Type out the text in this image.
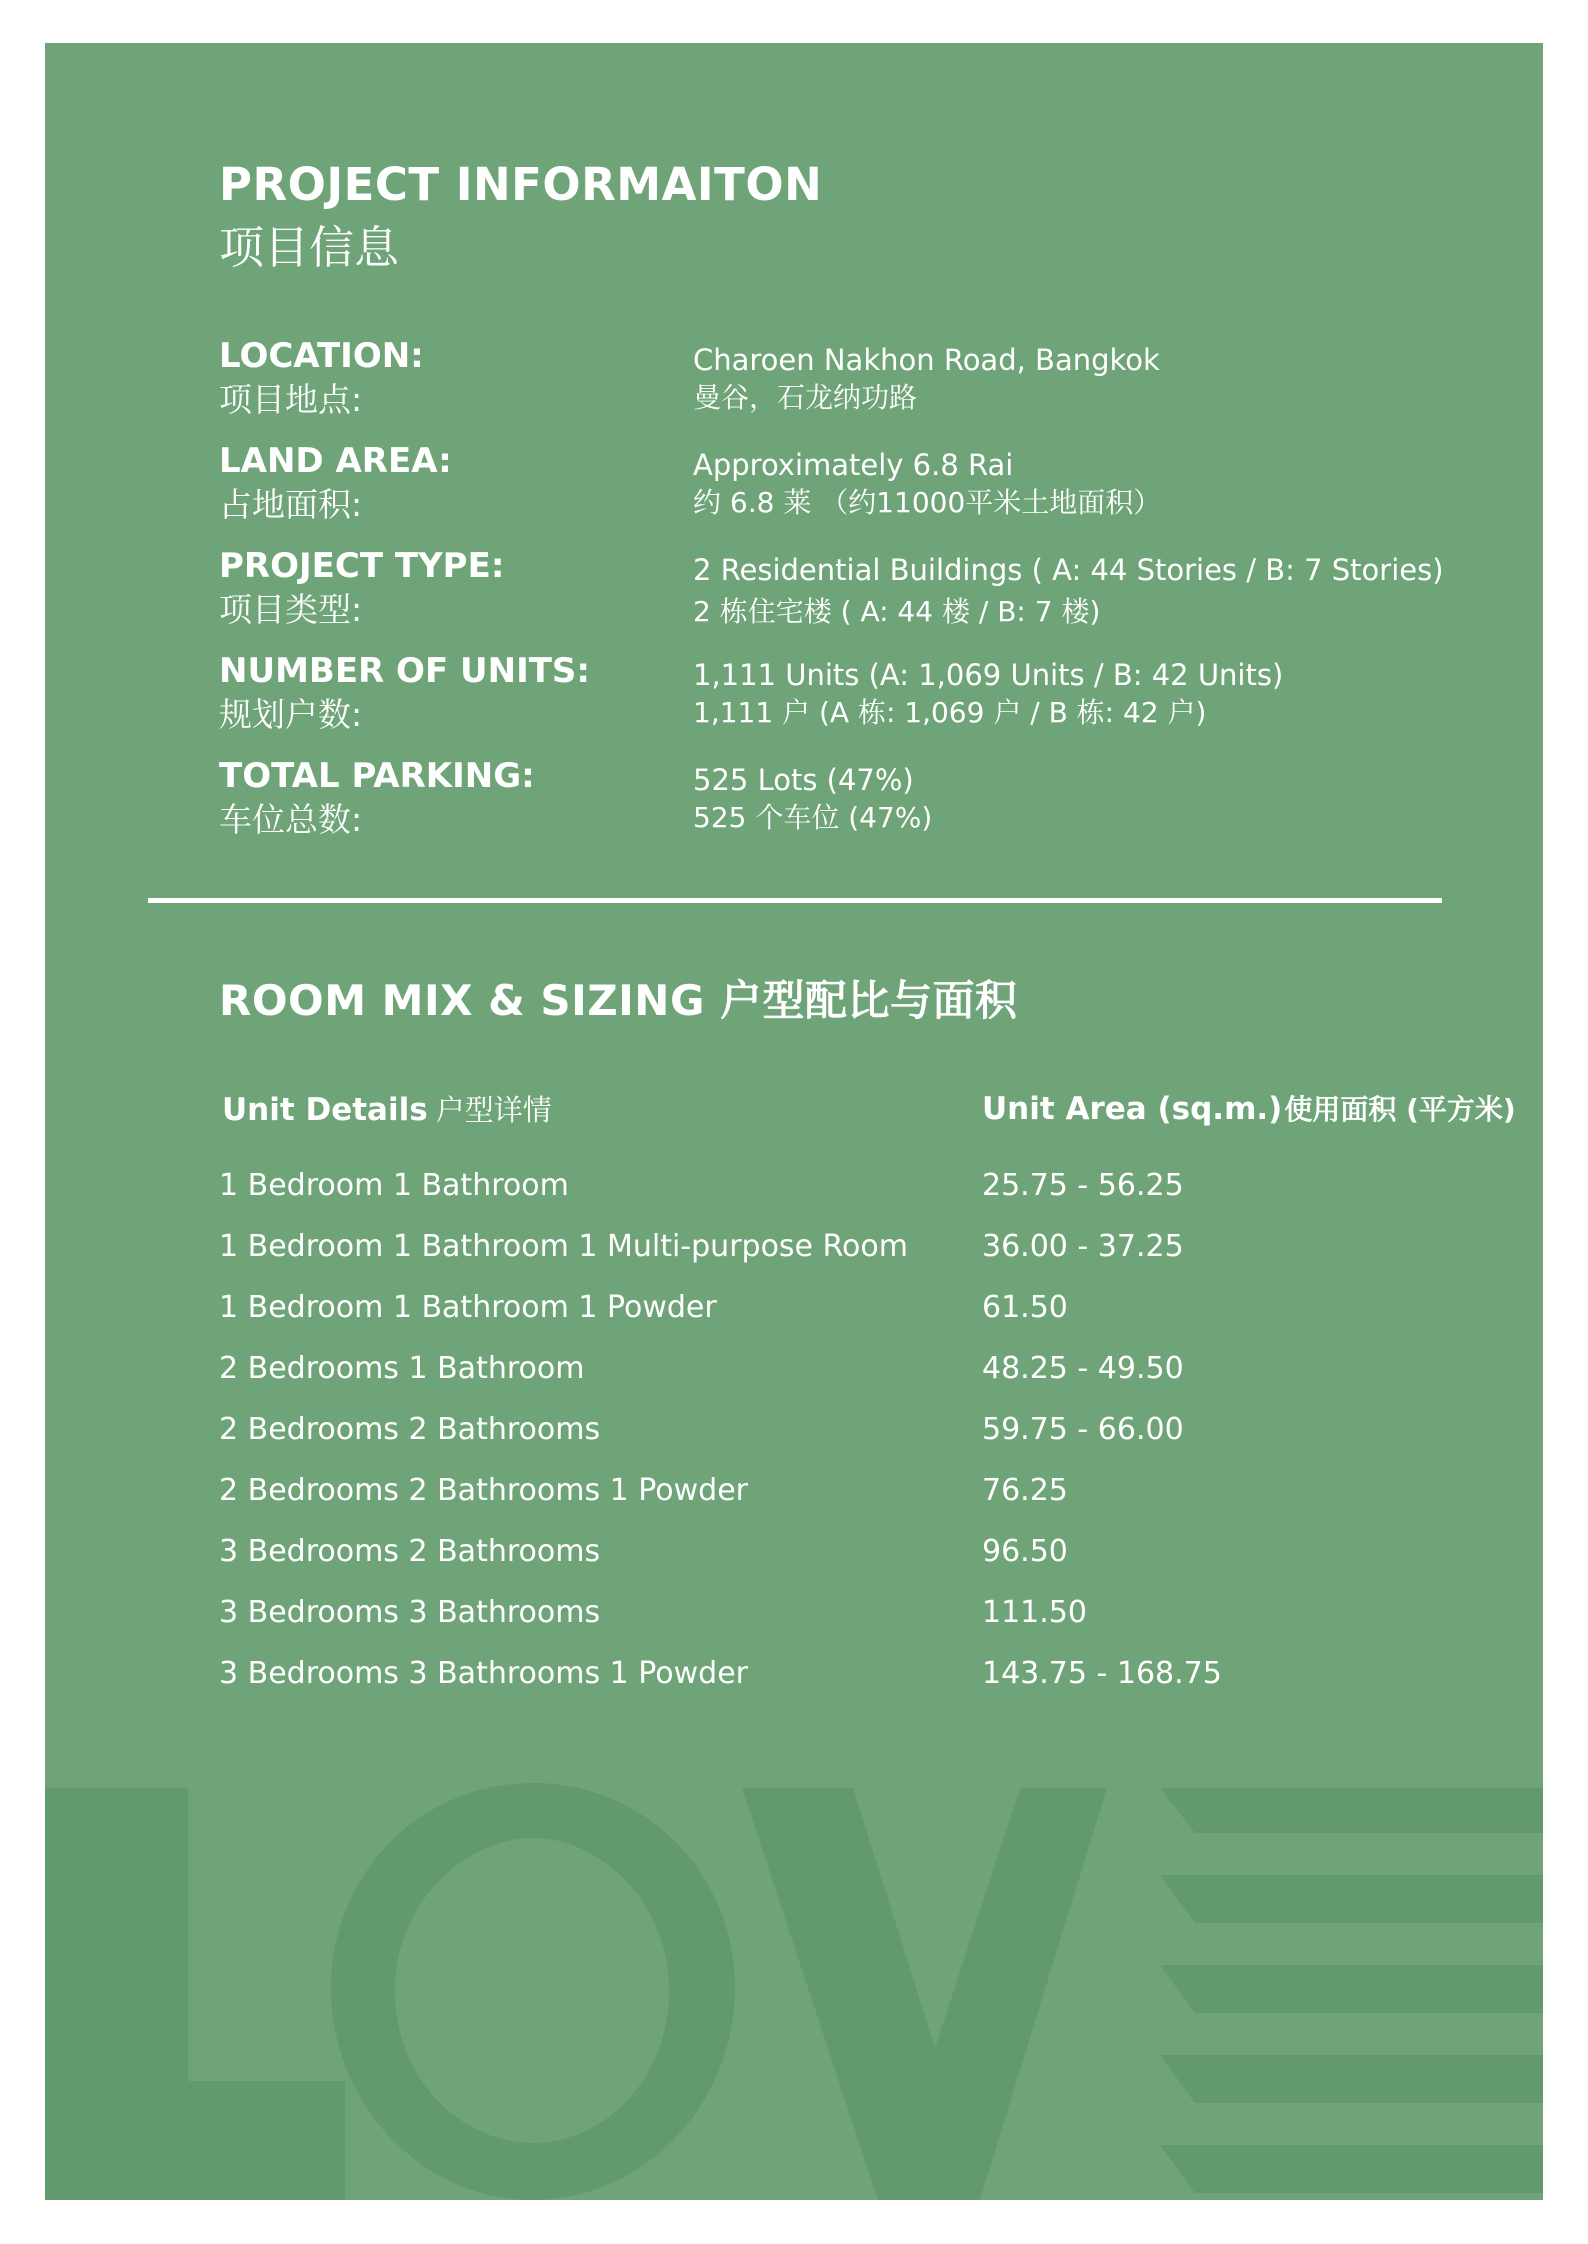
PROJECT INFORMAITON
项目信息
LOCATION:
项目地点:
Charoen Nakhon Road, Bangkok
曼谷，石龙纳功路
LAND AREA:
占地面积:
Approximately 6.8 Rai
约 6.8 莱 （约11000平米土地面积）
PROJECT TYPE:
项目类型:
2 Residential Buildings ( A: 44 Stories / B: 7 Stories)
2 栋住宅楼 ( A: 44 楼 / B: 7 楼)
NUMBER OF UNITS:
规划户数:
1,111 Units (A: 1,069 Units / B: 42 Units)
1,111 户 (A 栋: 1,069 户 / B 栋: 42 户)
TOTAL PARKING:
车位总数:
525 Lots (47%)
525 个车位 (47%)
ROOM MIX & SIZING 户型配比与面积
Unit Details 户型详情	Unit Area (sq.m.)使用面积 (平方米)
1 Bedroom 1 Bathroom	25.75 - 56.25
1 Bedroom 1 Bathroom 1 Multi-purpose Room 36.00 - 37.25
1 Bedroom 1 Bathroom 1 Powder	61.50
2 Bedrooms 1 Bathroom	48.25 - 49.50
2 Bedrooms 2 Bathrooms	59.75 - 66.00
2 Bedrooms 2 Bathrooms 1 Powder	76.25
3 Bedrooms 2 Bathrooms	96.50
3 Bedrooms 3 Bathrooms	111.50
3 Bedrooms 3 Bathrooms 1 Powder	143.75 - 168.75
